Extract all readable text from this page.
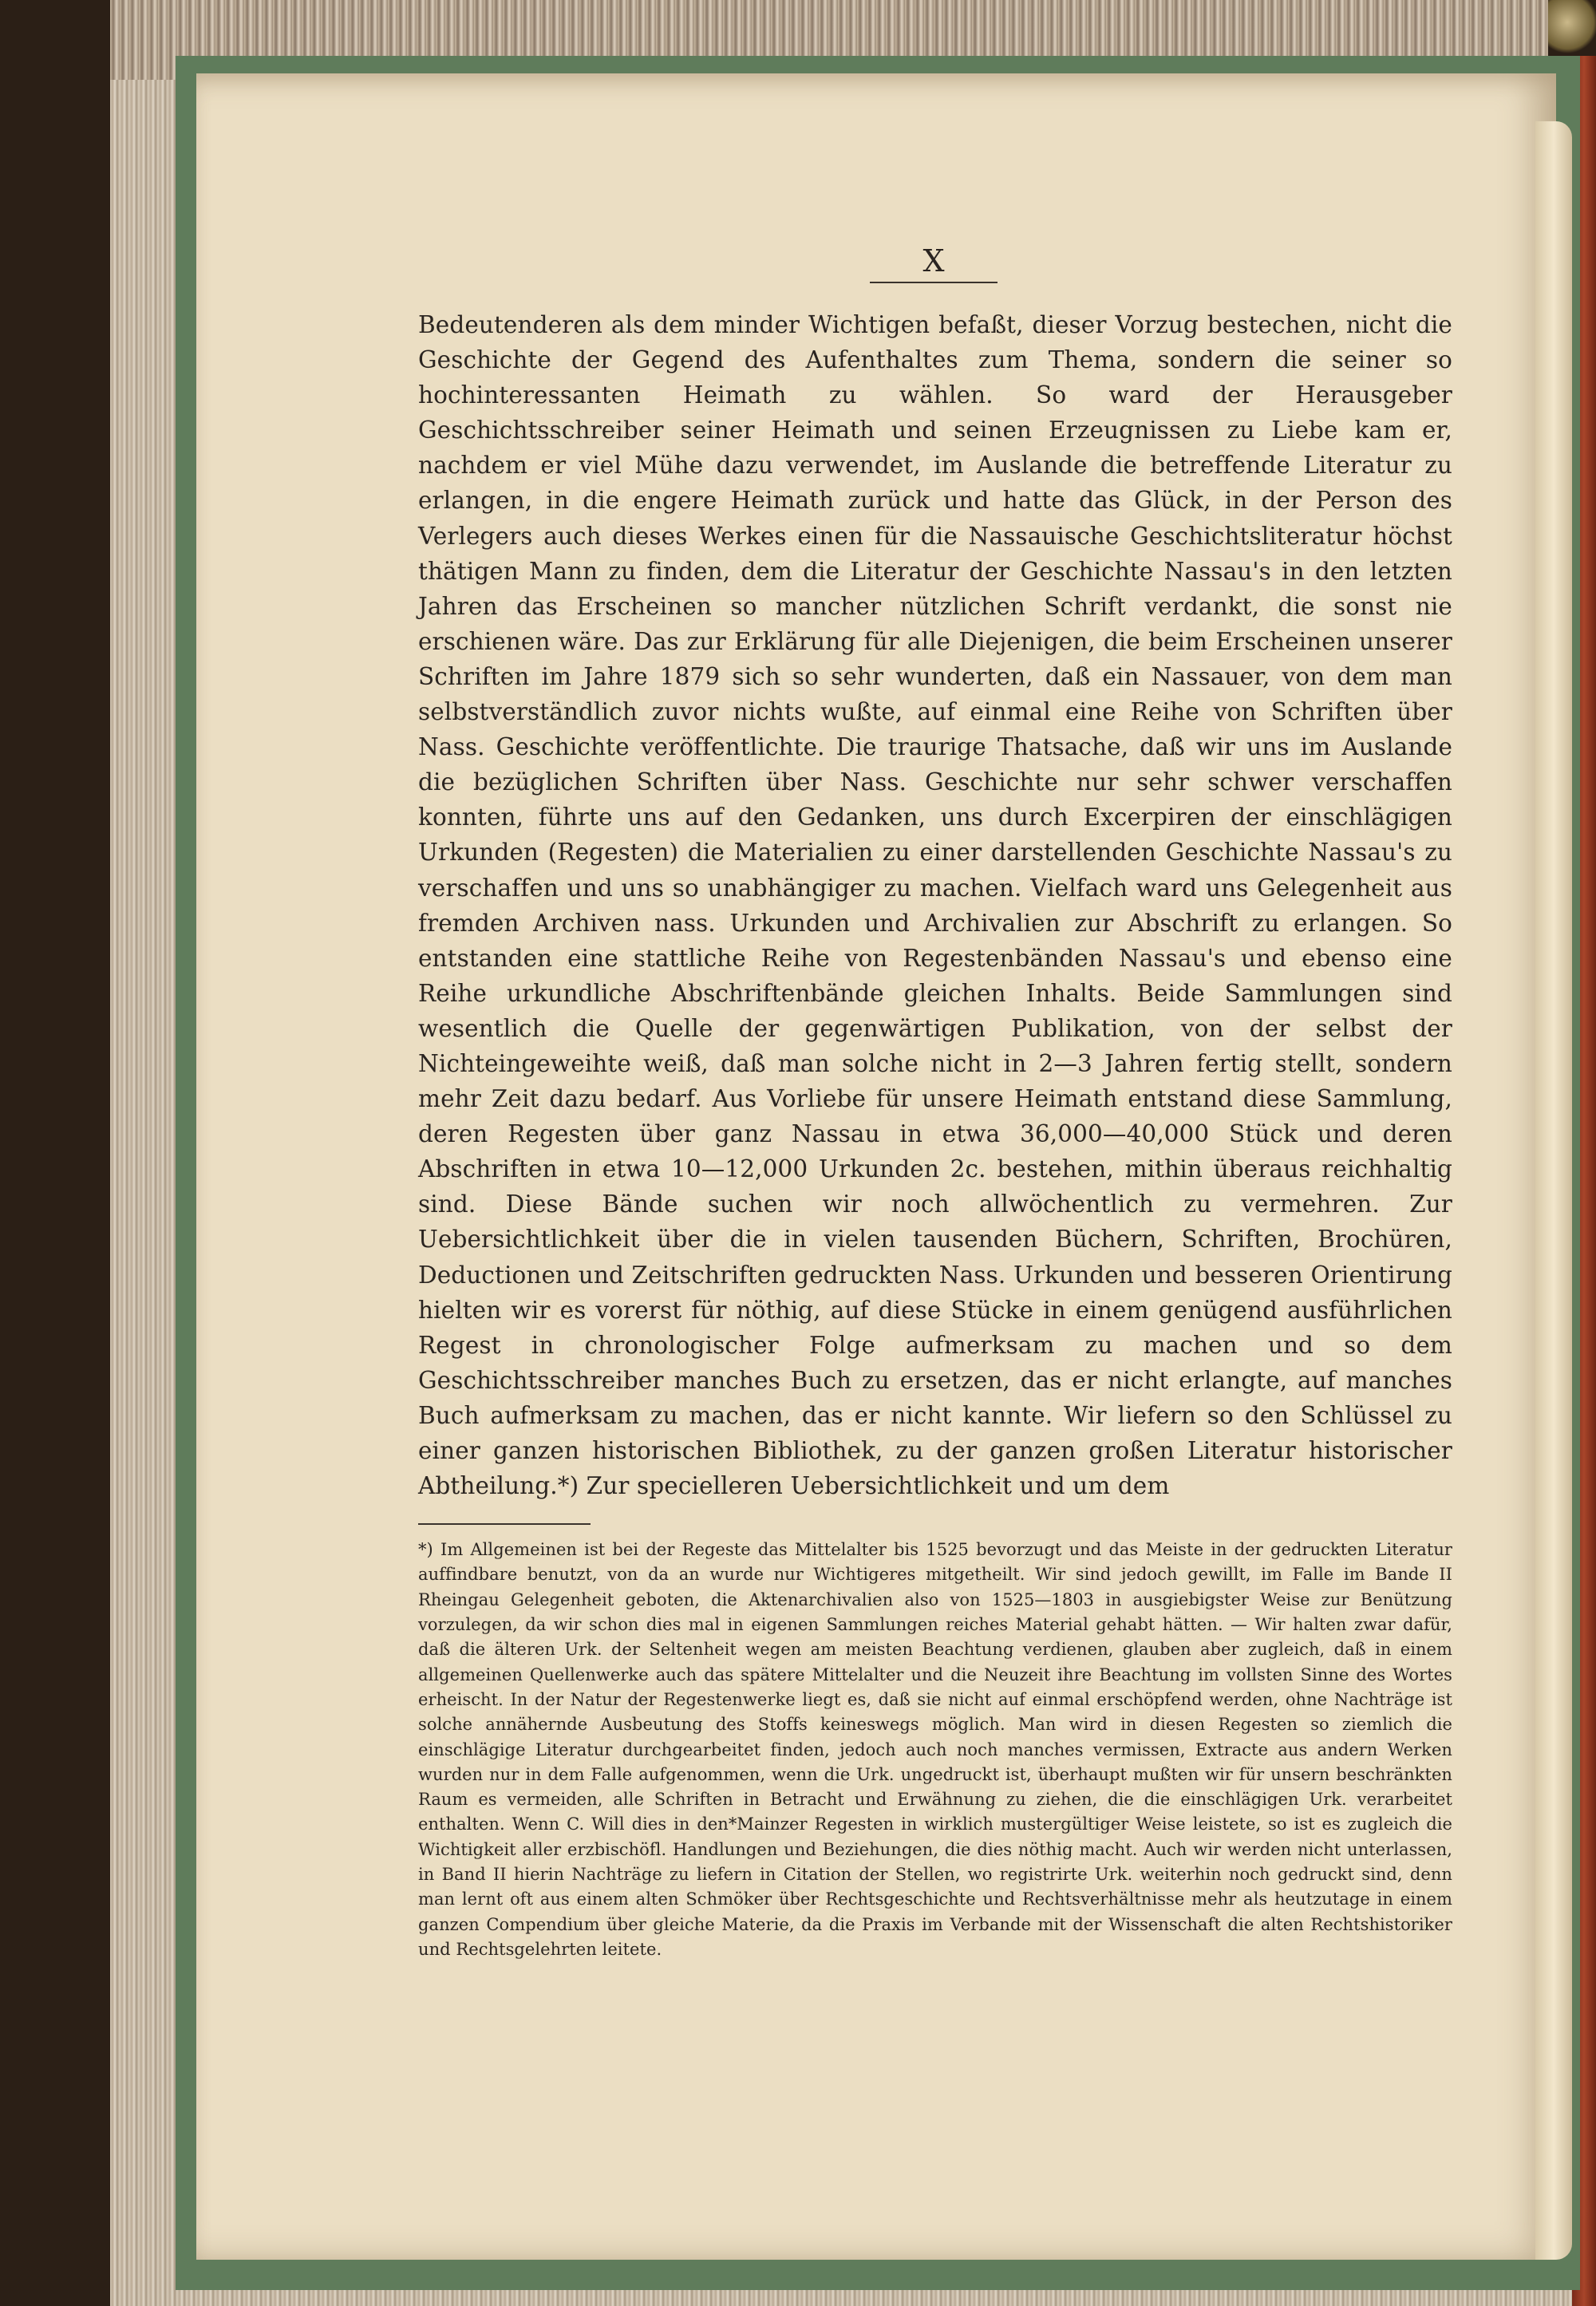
X

Bedeutenderen als dem minder Wichtigen befaßt, dieser Vorzug bestechen, nicht die Geschichte der Gegend des Aufenthaltes zum Thema, sondern die seiner so hochinteressanten Heimath zu wählen. So ward der Herausgeber Geschichtsschreiber seiner Heimath und seinen Erzeugnissen zu Liebe kam er, nachdem er viel Mühe dazu verwendet, im Auslande die betreffende Literatur zu erlangen, in die engere Heimath zurück und hatte das Glück, in der Person des Verlegers auch dieses Werkes einen für die Nassauische Geschichtsliteratur höchst thätigen Mann zu finden, dem die Literatur der Geschichte Nassau's in den letzten Jahren das Erscheinen so mancher nützlichen Schrift verdankt, die sonst nie erschienen wäre. Das zur Erklärung für alle Diejenigen, die beim Erscheinen unserer Schriften im Jahre 1879 sich so sehr wunderten, daß ein Nassauer, von dem man selbstverständlich zuvor nichts wußte, auf einmal eine Reihe von Schriften über Nass. Geschichte veröffentlichte. Die traurige Thatsache, daß wir uns im Auslande die bezüglichen Schriften über Nass. Geschichte nur sehr schwer verschaffen konnten, führte uns auf den Gedanken, uns durch Excerpiren der einschlägigen Urkunden (Regesten) die Materialien zu einer darstellenden Geschichte Nassau's zu verschaffen und uns so unabhängiger zu machen. Vielfach ward uns Gelegenheit aus fremden Archiven nass. Urkunden und Archivalien zur Abschrift zu erlangen. So entstanden eine stattliche Reihe von Regestenbänden Nassau's und ebenso eine Reihe urkundliche Abschriftenbände gleichen Inhalts. Beide Sammlungen sind wesentlich die Quelle der gegenwärtigen Publikation, von der selbst der Nichteingeweihte weiß, daß man solche nicht in 2—3 Jahren fertig stellt, sondern mehr Zeit dazu bedarf. Aus Vorliebe für unsere Heimath entstand diese Sammlung, deren Regesten über ganz Nassau in etwa 36,000—40,000 Stück und deren Abschriften in etwa 10—12,000 Urkunden 2c. bestehen, mithin überaus reichhaltig sind. Diese Bände suchen wir noch allwöchentlich zu vermehren. Zur Uebersichtlichkeit über die in vielen tausenden Büchern, Schriften, Brochüren, Deductionen und Zeitschriften gedruckten Nass. Urkunden und besseren Orientirung hielten wir es vorerst für nöthig, auf diese Stücke in einem genügend ausführlichen Regest in chronologischer Folge aufmerksam zu machen und so dem Geschichtsschreiber manches Buch zu ersetzen, das er nicht erlangte, auf manches Buch aufmerksam zu machen, das er nicht kannte. Wir liefern so den Schlüssel zu einer ganzen historischen Bibliothek, zu der ganzen großen Literatur historischer Abtheilung.*) Zur specielleren Uebersichtlichkeit und um dem

*) Im Allgemeinen ist bei der Regeste das Mittelalter bis 1525 bevorzugt und das Meiste in der gedruckten Literatur auffindbare benutzt, von da an wurde nur Wichtigeres mitgetheilt. Wir sind jedoch gewillt, im Falle im Bande II Rheingau Gelegenheit geboten, die Aktenarchivalien also von 1525—1803 in ausgiebigster Weise zur Benützung vorzulegen, da wir schon dies mal in eigenen Sammlungen reiches Material gehabt hätten. — Wir halten zwar dafür, daß die älteren Urk. der Seltenheit wegen am meisten Beachtung verdienen, glauben aber zugleich, daß in einem allgemeinen Quellenwerke auch das spätere Mittelalter und die Neuzeit ihre Beachtung im vollsten Sinne des Wortes erheischt. In der Natur der Regestenwerke liegt es, daß sie nicht auf einmal erschöpfend werden, ohne Nachträge ist solche annähernde Ausbeutung des Stoffs keineswegs möglich. Man wird in diesen Regesten so ziemlich die einschlägige Literatur durchgearbeitet finden, jedoch auch noch manches vermissen, Extracte aus andern Werken wurden nur in dem Falle aufgenommen, wenn die Urk. ungedruckt ist, überhaupt mußten wir für unsern beschränkten Raum es vermeiden, alle Schriften in Betracht und Erwähnung zu ziehen, die die einschlägigen Urk. verarbeitet enthalten. Wenn C. Will dies in den*Mainzer Regesten in wirklich mustergültiger Weise leistete, so ist es zugleich die Wichtigkeit aller erzbischöfl. Handlungen und Beziehungen, die dies nöthig macht. Auch wir werden nicht unterlassen, in Band II hierin Nachträge zu liefern in Citation der Stellen, wo registrirte Urk. weiterhin noch gedruckt sind, denn man lernt oft aus einem alten Schmöker über Rechtsgeschichte und Rechtsverhältnisse mehr als heutzutage in einem ganzen Compendium über gleiche Materie, da die Praxis im Verbande mit der Wissenschaft die alten Rechtshistoriker und Rechtsgelehrten leitete.
